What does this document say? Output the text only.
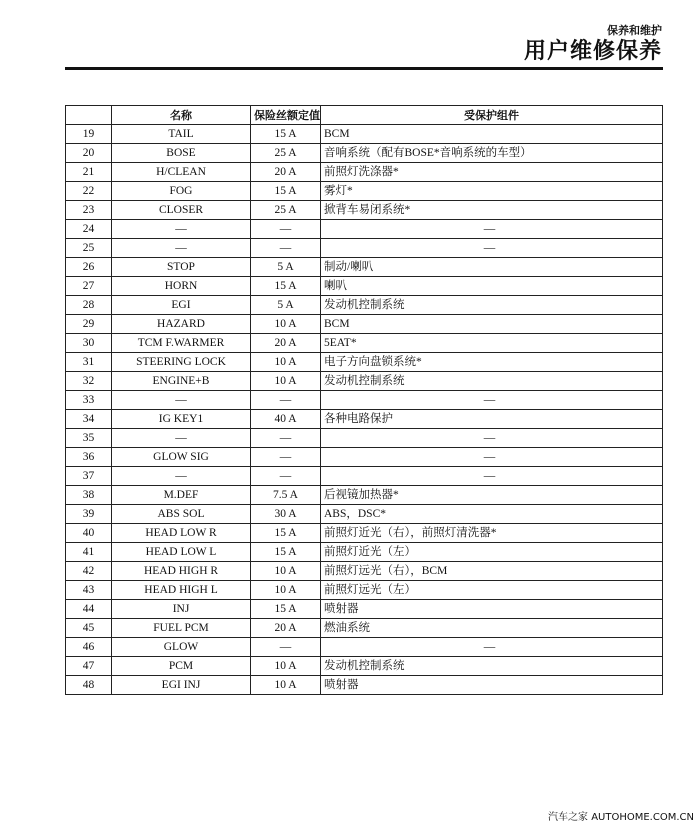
保养和维护
用户维修保养
	名称	保险丝额定值	受保护组件
19	TAIL	15 A	BCM
20	BOSE	25 A	音响系统（配有BOSE*音响系统的车型）
21	H/CLEAN	20 A	前照灯洗涤器*
22	FOG	15 A	雾灯*
23	CLOSER	25 A	掀背车易闭系统*
24	—	—	—
25	—	—	—
26	STOP	5 A	制动/喇叭
27	HORN	15 A	喇叭
28	EGI	5 A	发动机控制系统
29	HAZARD	10 A	BCM
30	TCM F.WARMER	20 A	5EAT*
31	STEERING LOCK	10 A	电子方向盘锁系统*
32	ENGINE+B	10 A	发动机控制系统
33	—	—	—
34	IG KEY1	40 A	各种电路保护
35	—	—	—
36	GLOW SIG	—	—
37	—	—	—
38	M.DEF	7.5 A	后视镜加热器*
39	ABS SOL	30 A	ABS，DSC*
40	HEAD LOW R	15 A	前照灯近光（右），前照灯清洗器*
41	HEAD LOW L	15 A	前照灯近光（左）
42	HEAD HIGH R	10 A	前照灯远光（右），BCM
43	HEAD HIGH L	10 A	前照灯远光（左）
44	INJ	15 A	喷射器
45	FUEL PCM	20 A	燃油系统
46	GLOW	—	—
47	PCM	10 A	发动机控制系统
48	EGI INJ	10 A	喷射器
汽车之家 AUTOHOME.COM.CN
